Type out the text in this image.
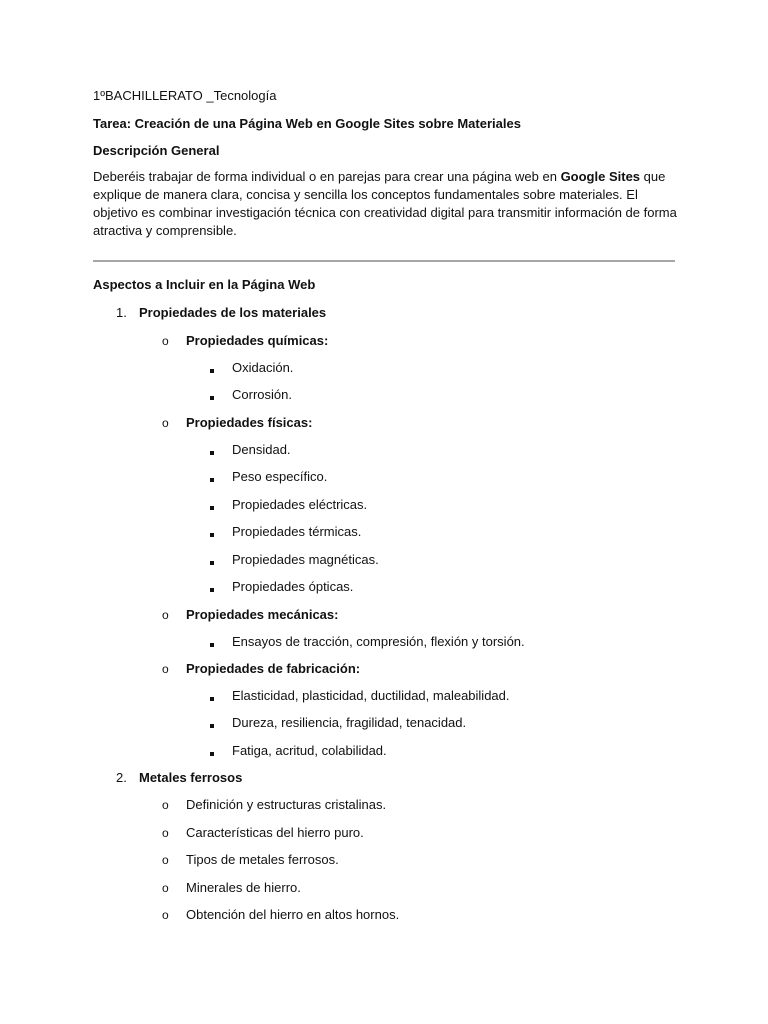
1ºBACHILLERATO _Tecnología
Tarea: Creación de una Página Web en Google Sites sobre Materiales
Descripción General
Deberéis trabajar de forma individual o en parejas para crear una página web en Google Sites que explique de manera clara, concisa y sencilla los conceptos fundamentales sobre materiales. El objetivo es combinar investigación técnica con creatividad digital para transmitir información de forma atractiva y comprensible.
Aspectos a Incluir en la Página Web
1. Propiedades de los materiales
o Propiedades químicas:
Oxidación.
Corrosión.
o Propiedades físicas:
Densidad.
Peso específico.
Propiedades eléctricas.
Propiedades térmicas.
Propiedades magnéticas.
Propiedades ópticas.
o Propiedades mecánicas:
Ensayos de tracción, compresión, flexión y torsión.
o Propiedades de fabricación:
Elasticidad, plasticidad, ductilidad, maleabilidad.
Dureza, resiliencia, fragilidad, tenacidad.
Fatiga, acritud, colabilidad.
2. Metales ferrosos
o Definición y estructuras cristalinas.
o Características del hierro puro.
o Tipos de metales ferrosos.
o Minerales de hierro.
o Obtención del hierro en altos hornos.
